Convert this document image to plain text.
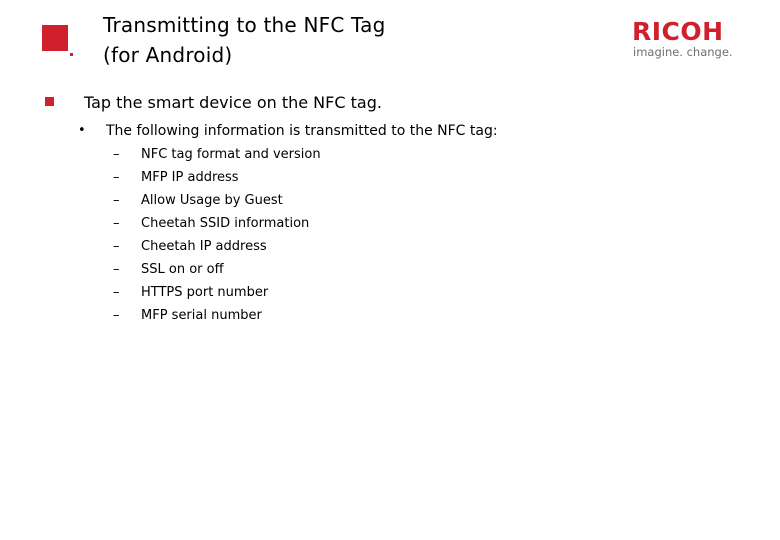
Transmitting to the NFC Tag
(for Android)
RICOH
imagine. change.
Tap the smart device on the NFC tag.
• The following information is transmitted to the NFC tag:
– NFC tag format and version
– MFP IP address
– Allow Usage by Guest
– Cheetah SSID information
– Cheetah IP address
– SSL on or off
– HTTPS port number
– MFP serial number
